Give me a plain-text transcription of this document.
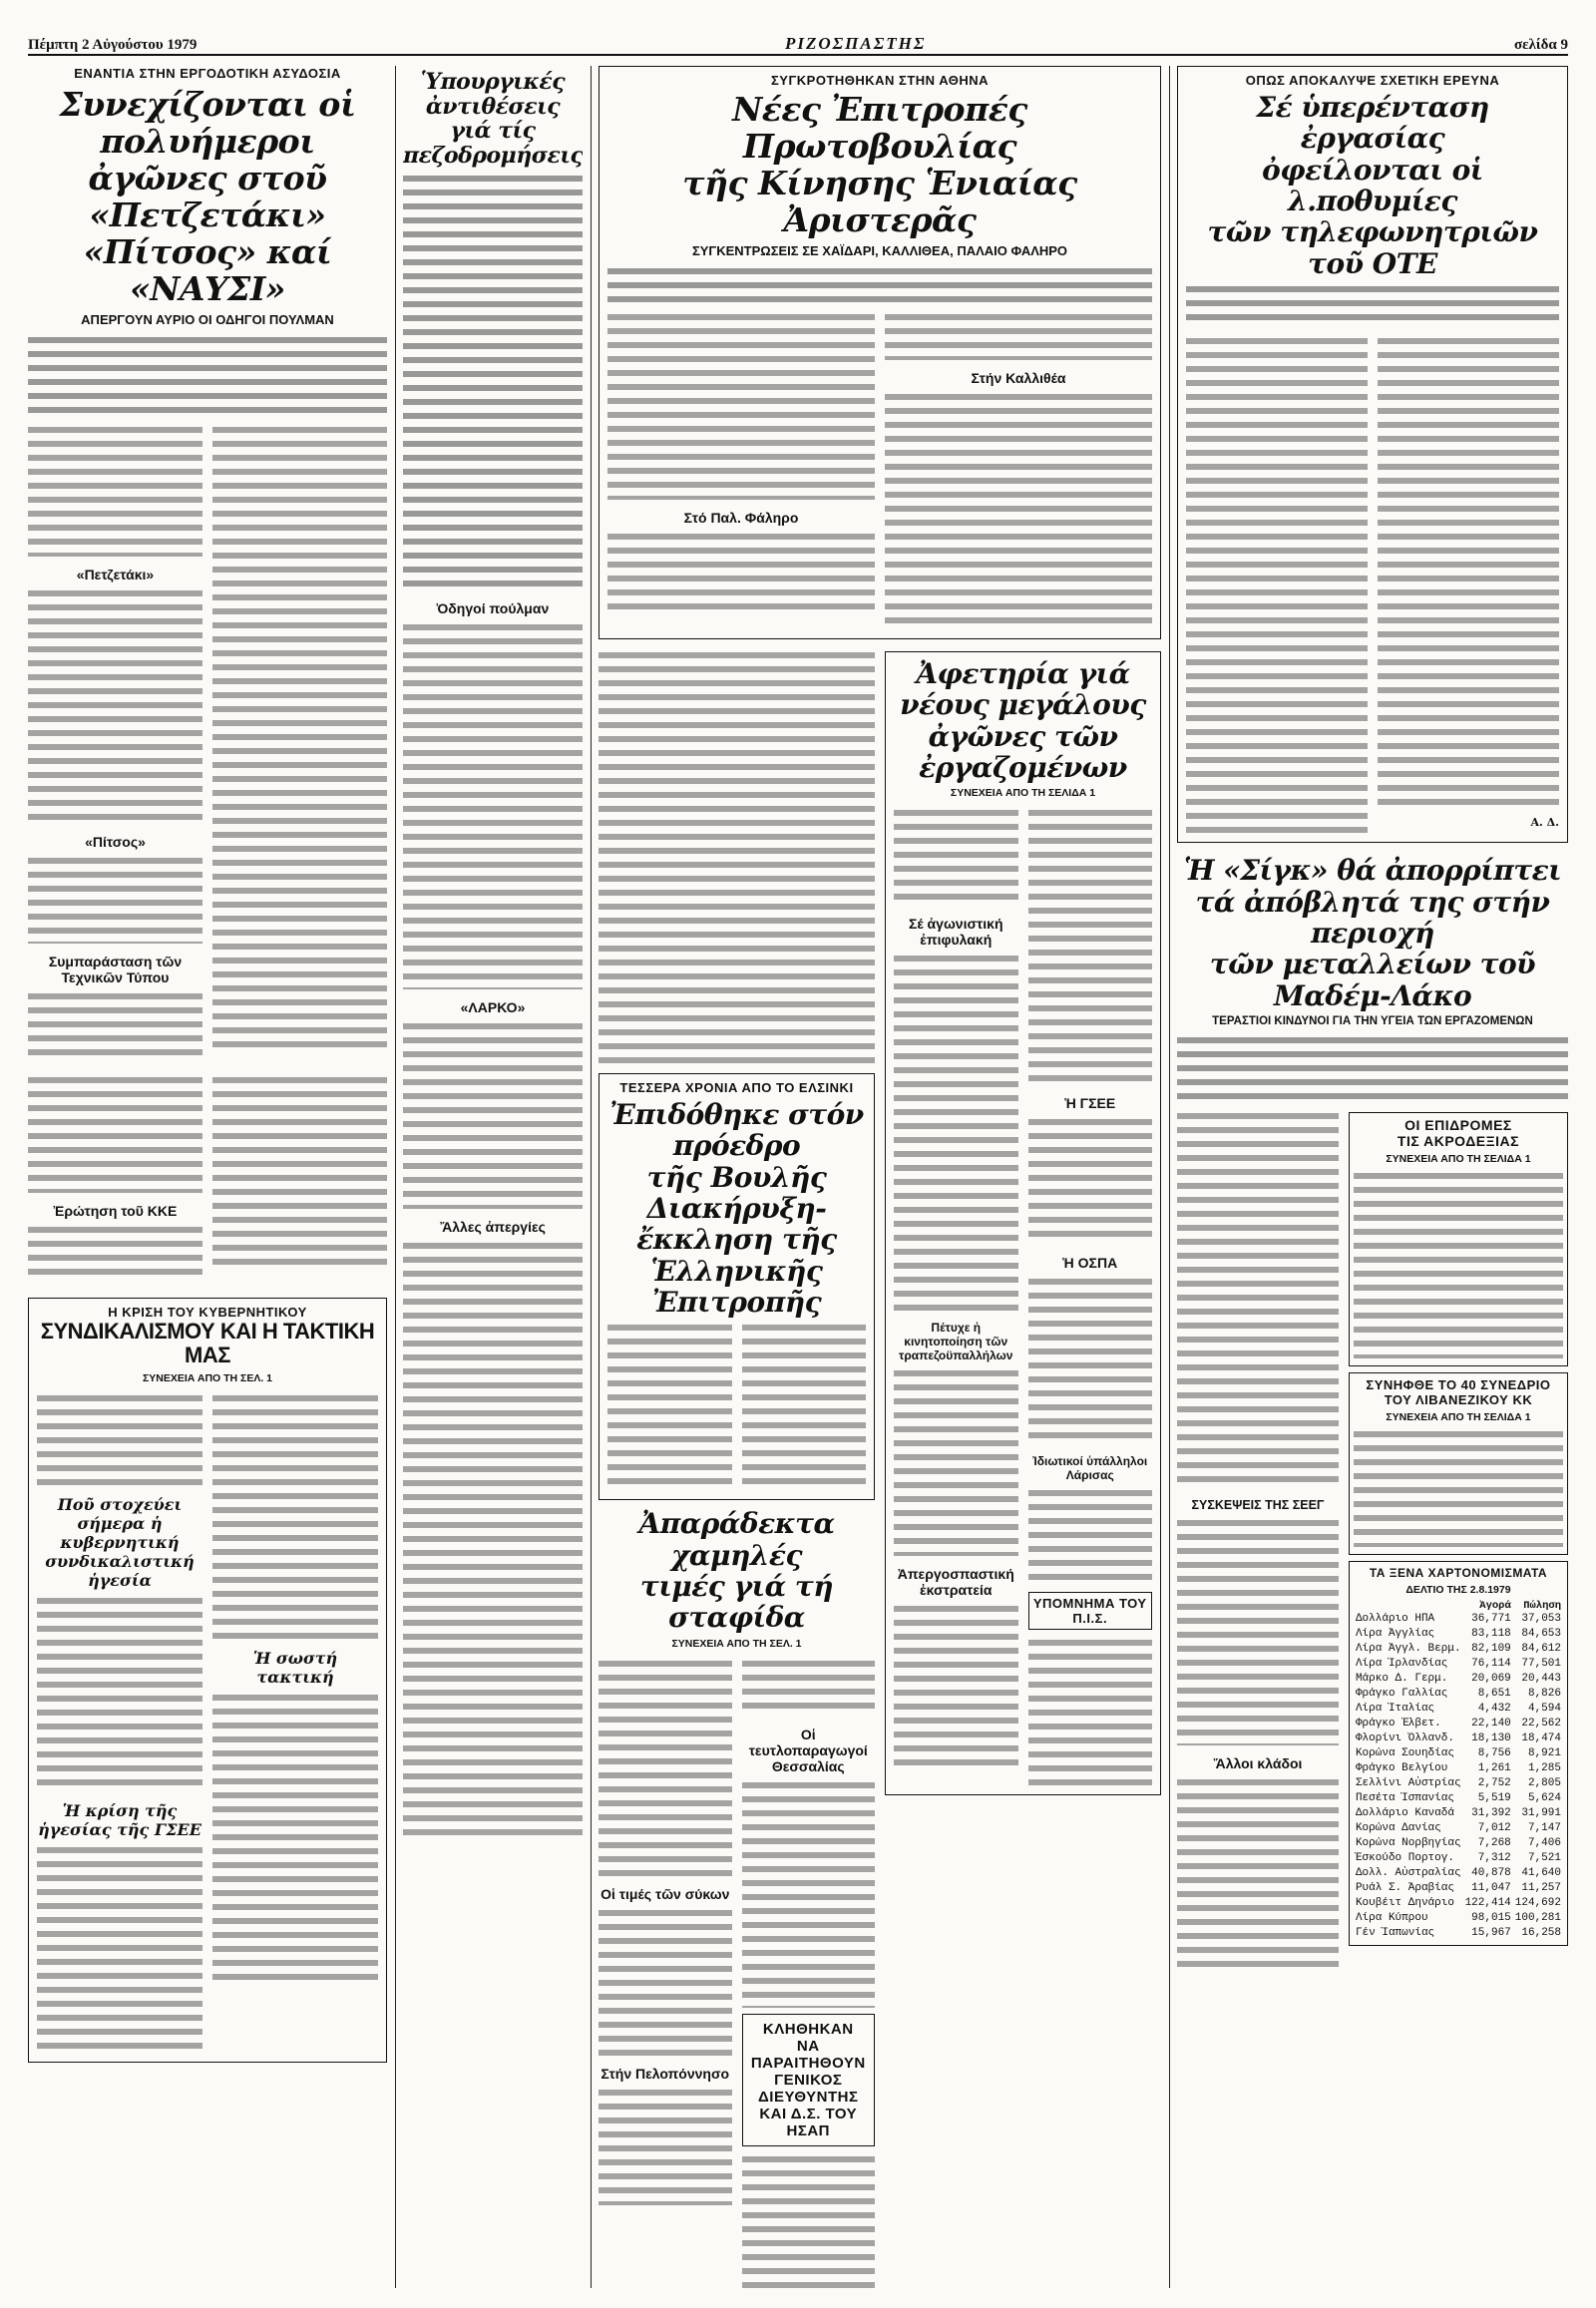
Πέμπτη 2 Αὐγούστου 1979	ΡΙΖΟΣΠΑΣΤΗΣ	σελίδα 9
ΕΝΑΝΤΙΑ ΣΤΗΝ ΕΡΓΟΔΟΤΙΚΗ ΑΣΥΔΟΣΙΑ
Συνεχίζονται οἱ πολυήμεροι
ἀγῶνες στοῦ «Πετζετάκι»
«Πίτσος» καί «ΝΑΥΣΙ»
ΑΠΕΡΓΟΥΝ ΑΥΡΙΟ ΟΙ ΟΔΗΓΟΙ ΠΟΥΛΜΑΝ
«Πετζετάκι»
«Πίτσος»
Συμπαράσταση τῶν Τεχνικῶν Τύπου
Ἐρώτηση τοῦ ΚΚΕ
Η ΚΡΙΣΗ ΤΟΥ ΚΥΒΕΡΝΗΤΙΚΟΥ
ΣΥΝΔΙΚΑΛΙΣΜΟΥ ΚΑΙ Η ΤΑΚΤΙΚΗ ΜΑΣ
ΣΥΝΕΧΕΙΑ ΑΠΟ ΤΗ ΣΕΛ. 1
Ποῦ στοχεύει σήμερα ἡ κυβερνητική συνδικαλιστική ἡγεσία
Ἡ κρίση τῆς ἡγεσίας τῆς ΓΣΕΕ
Ἡ σωστή τακτική
Ὑπουργικές ἀντιθέσεις γιά τίς πεζοδρομήσεις
Ὁδηγοί πούλμαν
«ΛΑΡΚΟ»
Ἄλλες ἀπεργίες
ΣΥΓΚΡΟΤΗΘΗΚΑΝ ΣΤΗΝ ΑΘΗΝΑ
Νέες Ἐπιτροπές Πρωτοβουλίας
τῆς Κίνησης Ἑνιαίας Ἀριστερᾶς
ΣΥΓΚΕΝΤΡΩΣΕΙΣ ΣΕ ΧΑΪΔΑΡΙ, ΚΑΛΛΙΘΕΑ, ΠΑΛΑΙΟ ΦΑΛΗΡΟ
Στό Παλ. Φάληρο
Στήν Καλλιθέα
ΤΕΣΣΕΡΑ ΧΡΟΝΙΑ ΑΠΟ ΤΟ ΕΛΣΙΝΚΙ
Ἐπιδόθηκε στόν πρόεδρο
τῆς Βουλῆς Διακήρυξη-
ἔκκληση τῆς Ἑλληνικῆς Ἐπιτροπῆς
Ἀπαράδεκτα χαμηλές
τιμές γιά τή σταφίδα
ΣΥΝΕΧΕΙΑ ΑΠΟ ΤΗ ΣΕΛ. 1
Οἱ τιμές τῶν σύκων
Στήν Πελοπόννησο
Οἱ τευτλοπαραγωγοί Θεσσαλίας
ΚΛΗΘΗΚΑΝ
ΝΑ ΠΑΡΑΙΤΗΘΟΥΝ
ΓΕΝΙΚΟΣ ΔΙΕΥΘΥΝΤΗΣ
ΚΑΙ Δ.Σ. ΤΟΥ ΗΣΑΠ
Ἀφετηρία γιά νέους μεγάλους
ἀγῶνες τῶν ἐργαζομένων
ΣΥΝΕΧΕΙΑ ΑΠΟ ΤΗ ΣΕΛΙΔΑ 1
Σέ ἀγωνιστική ἐπιφυλακή
Πέτυχε ἡ κινητοποίηση τῶν τραπεζοϋπαλλήλων
Ἀπεργοσπαστική ἐκστρατεία
Ἡ ΓΣΕΕ
Ἡ ΟΣΠΑ
Ἰδιωτικοί ὑπάλληλοι Λάρισας
ΥΠΟΜΝΗΜΑ ΤΟΥ Π.Ι.Σ.
ΟΠΩΣ ΑΠΟΚΑΛΥΨΕ ΣΧΕΤΙΚΗ ΕΡΕΥΝΑ
Σέ ὑπερένταση ἐργασίας
ὀφείλονται οἱ λ.ποθυμίες
τῶν τηλεφωνητριῶν τοῦ ΟΤΕ
Α. Δ.
Ἡ «Σίγκ» θά ἀπορρίπτει
τά ἀπόβλητά της στήν περιοχή
τῶν μεταλλείων τοῦ Μαδέμ-Λάκο
ΤΕΡΑΣΤΙΟΙ ΚΙΝΔΥΝΟΙ ΓΙΑ ΤΗΝ ΥΓΕΙΑ ΤΩΝ ΕΡΓΑΖΟΜΕΝΩΝ
ΣΥΣΚΕΨΕΙΣ ΤΗΣ ΣΕΕΓ
Ἄλλοι κλάδοι
ΟΙ ΕΠΙΔΡΟΜΕΣ
ΤΙΣ ΑΚΡΟΔΕΞΙΑΣ
ΣΥΝΕΧΕΙΑ ΑΠΟ ΤΗ ΣΕΛΙΔΑ 1
ΣΥΝΗΦΘΕ ΤΟ 40 ΣΥΝΕΔΡΙΟ
ΤΟΥ ΛΙΒΑΝΕΖΙΚΟΥ ΚΚ
ΣΥΝΕΧΕΙΑ ΑΠΟ ΤΗ ΣΕΛΙΔΑ 1
ΤΑ ΞΕΝΑ ΧΑΡΤΟΝΟΜΙΣΜΑΤΑ
ΔΕΛΤΙΟ ΤΗΣ 2.8.1979
	Ἀγορά	Πώληση
Δολλάριο ΗΠΑ	36,771	37,053
Λίρα Ἀγγλίας	83,118	84,653
Λίρα Ἀγγλ. Βερμ.	82,109	84,612
Λίρα Ἰρλανδίας	76,114	77,501
Μάρκο Δ. Γερμ.	20,069	20,443
Φράγκο Γαλλίας	8,651	8,826
Λίρα Ἰταλίας	4,432	4,594
Φράγκο Ἑλβετ.	22,140	22,562
Φλορίνι Ὀλλανδ.	18,130	18,474
Κορώνα Σουηδίας	8,756	8,921
Φράγκο Βελγίου	1,261	1,285
Σελλίνι Αὐστρίας	2,752	2,805
Πεσέτα Ἰσπανίας	5,519	5,624
Δολλάριο Καναδά	31,392	31,991
Κορώνα Δανίας	7,012	7,147
Κορώνα Νορβηγίας	7,268	7,406
Ἐσκούδο Πορτογ.	7,312	7,521
Δολλ. Αὐστραλίας	40,878	41,640
Ρυάλ Σ. Ἀραβίας	11,047	11,257
Κουβέιτ Δηνάριο	122,414	124,692
Λίρα Κύπρου	98,015	100,281
Γέν Ἰαπωνίας	15,967	16,258
